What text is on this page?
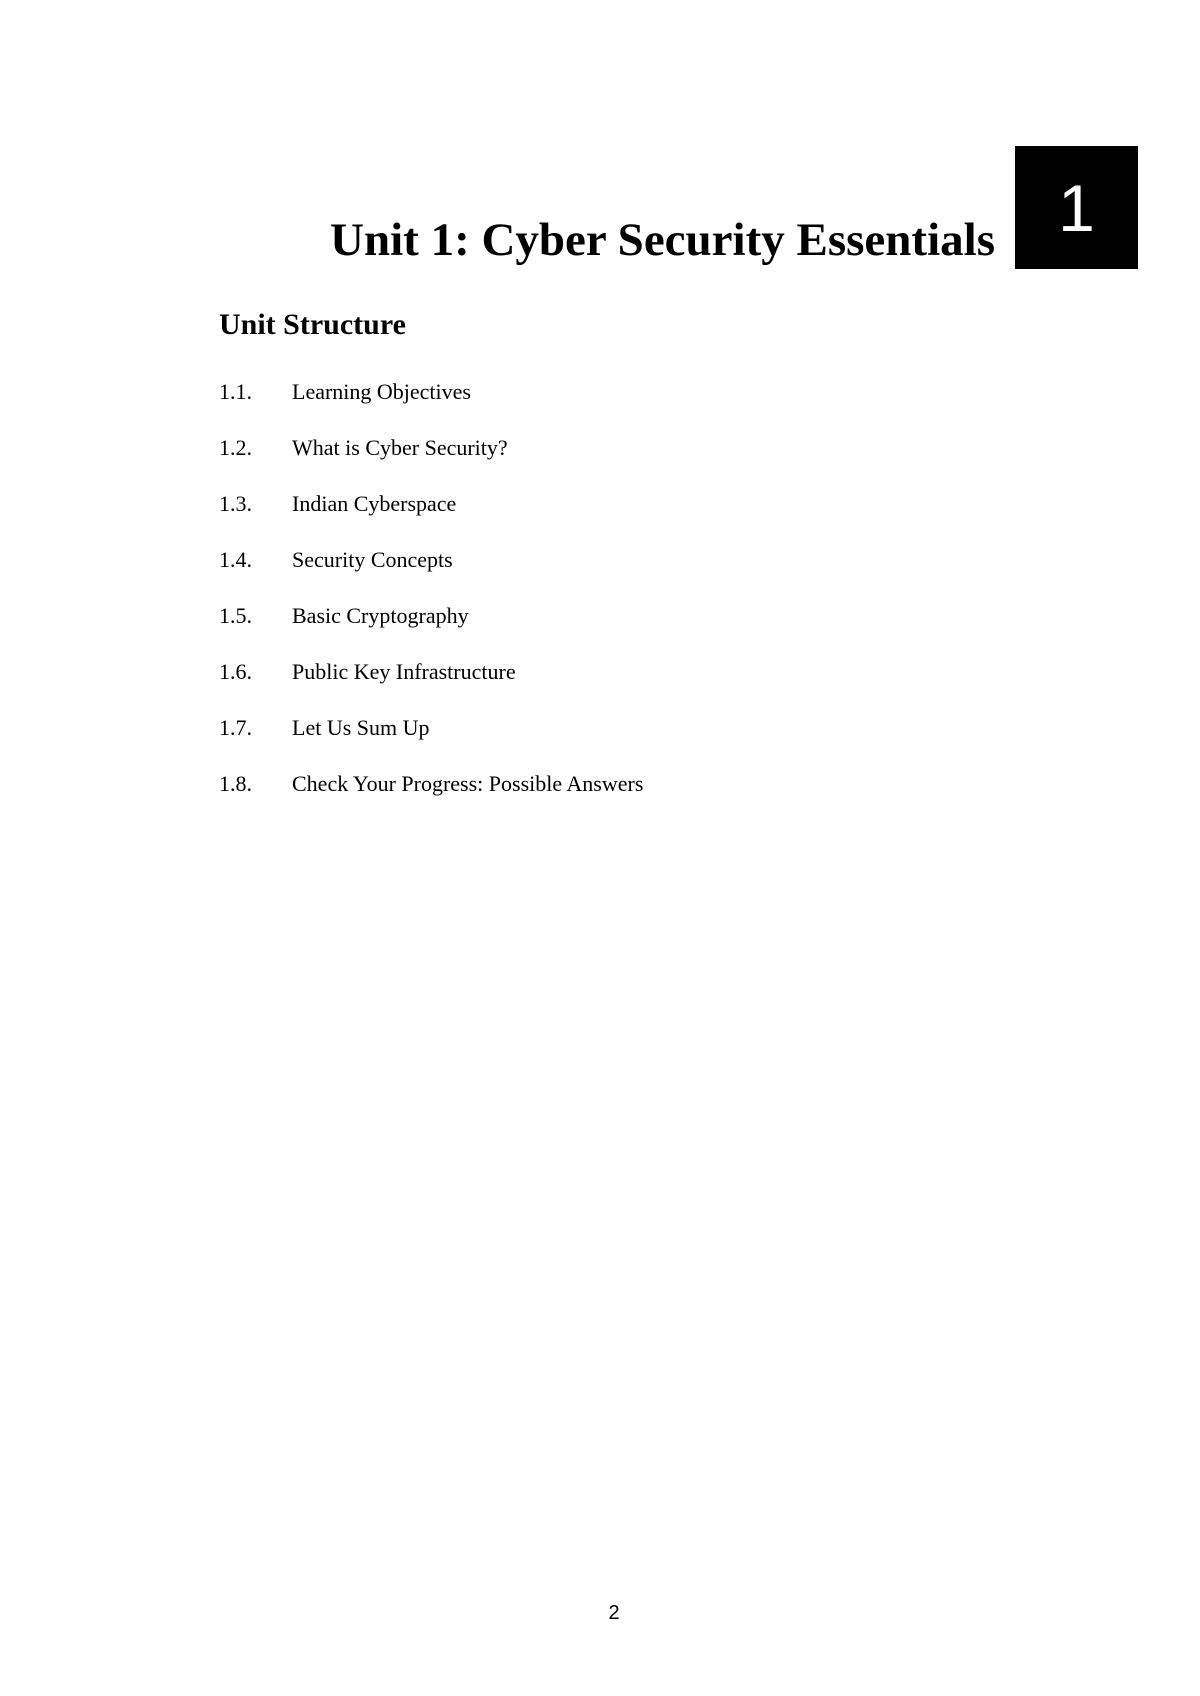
1
Unit 1: Cyber Security Essentials
Unit Structure
1.1.	Learning Objectives
1.2.	What is Cyber Security?
1.3.	Indian Cyberspace
1.4.	Security Concepts
1.5.	Basic Cryptography
1.6.	Public Key Infrastructure
1.7.	Let Us Sum Up
1.8.	Check Your Progress: Possible Answers
2
